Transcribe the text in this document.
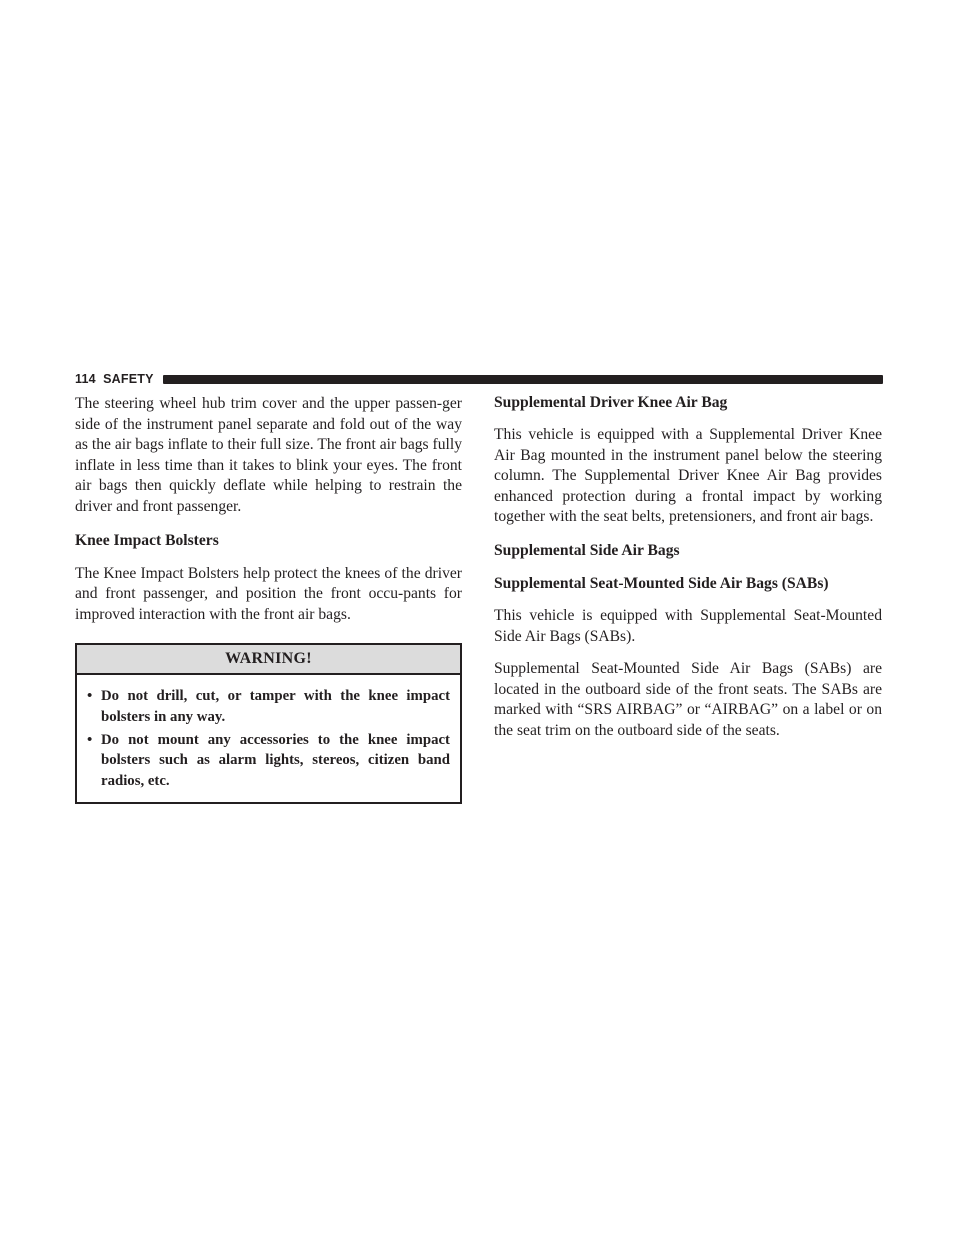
114 SAFETY

The steering wheel hub trim cover and the upper passen-ger side of the instrument panel separate and fold out of the way as the air bags inflate to their full size. The front air bags fully inflate in less time than it takes to blink your eyes. The front air bags then quickly deflate while helping to restrain the driver and front passenger.

Knee Impact Bolsters

The Knee Impact Bolsters help protect the knees of the driver and front passenger, and position the front occu-pants for improved interaction with the front air bags.

WARNING!
• Do not drill, cut, or tamper with the knee impact bolsters in any way.
• Do not mount any accessories to the knee impact bolsters such as alarm lights, stereos, citizen band radios, etc.
Supplemental Driver Knee Air Bag

This vehicle is equipped with a Supplemental Driver Knee Air Bag mounted in the instrument panel below the steering column. The Supplemental Driver Knee Air Bag provides enhanced protection during a frontal impact by working together with the seat belts, pretensioners, and front air bags.

Supplemental Side Air Bags
Supplemental Seat-Mounted Side Air Bags (SABs)

This vehicle is equipped with Supplemental Seat-Mounted Side Air Bags (SABs).

Supplemental Seat-Mounted Side Air Bags (SABs) are located in the outboard side of the front seats. The SABs are marked with “SRS AIRBAG” or “AIRBAG” on a label or on the seat trim on the outboard side of the seats.
